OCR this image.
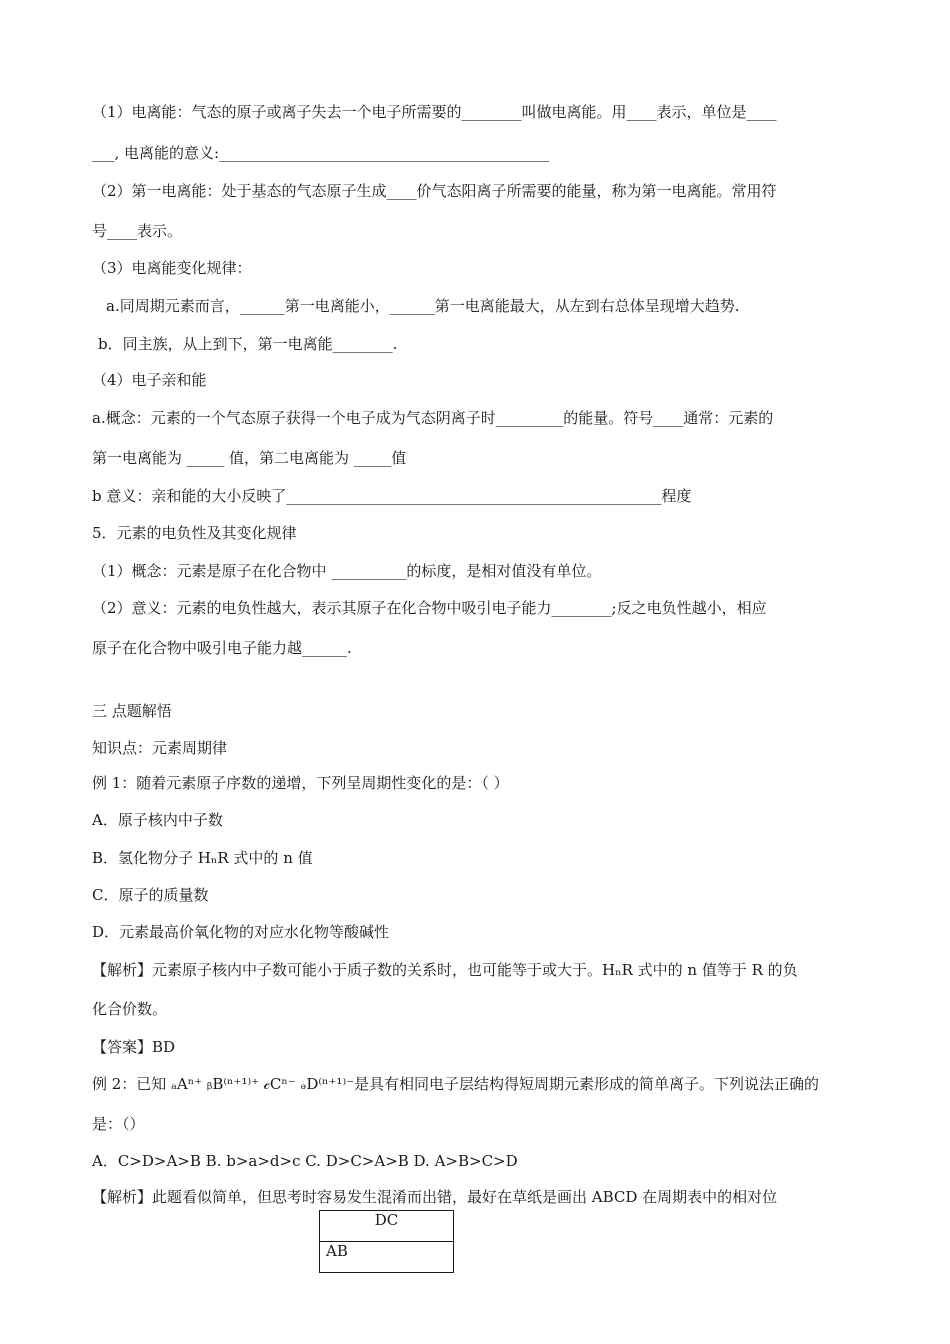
（1）电离能：气态的原子或离子失去一个电子所需要的________叫做电离能。用____表示，单位是____
___, 电离能的意义:____________________________________________
（2）第一电离能：处于基态的气态原子生成____价气态阳离子所需要的能量，称为第一电离能。常用符
号____表示。
（3）电离能变化规律：
a.同周期元素而言，______第一电离能小，______第一电离能最大，从左到右总体呈现增大趋势.
b．同主族，从上到下，第一电离能________.
（4）电子亲和能
a.概念：元素的一个气态原子获得一个电子成为气态阴离子时_________的能量。符号____通常：元素的
第一电离能为 _____ 值，第二电离能为 _____值
b 意义：亲和能的大小反映了__________________________________________________程度
5．元素的电负性及其变化规律
（1）概念：元素是原子在化合物中 __________的标度，是相对值没有单位。
（2）意义：元素的电负性越大，表示其原子在化合物中吸引电子能力________;反之电负性越小，相应
原子在化合物中吸引电子能力越______.
三 点题解悟
知识点：元素周期律
例 1：随着元素原子序数的递增，下列呈周期性变化的是：（ ）
A．原子核内中子数
B．氢化物分子 HₙR 式中的 n 值
C．原子的质量数
D．元素最高价氧化物的对应水化物等酸碱性
【解析】元素原子核内中子数可能小于质子数的关系时，也可能等于或大于。HₙR 式中的 n 值等于 R 的负
化合价数。
【答案】BD
例 2：已知 ₐAⁿ⁺ ᵦB⁽ⁿ⁺¹⁾⁺ 𝒸Cⁿ⁻ ₔD⁽ⁿ⁺¹⁾⁻是具有相同电子层结构得短周期元素形成的简单离子。下列说法正确的
是：（）
A．C>D>A>B B. b>a>d>c C. D>C>A>B D. A>B>C>D
【解析】此题看似简单，但思考时容易发生混淆而出错，最好在草纸是画出 ABCD 在周期表中的相对位
DC
AB
